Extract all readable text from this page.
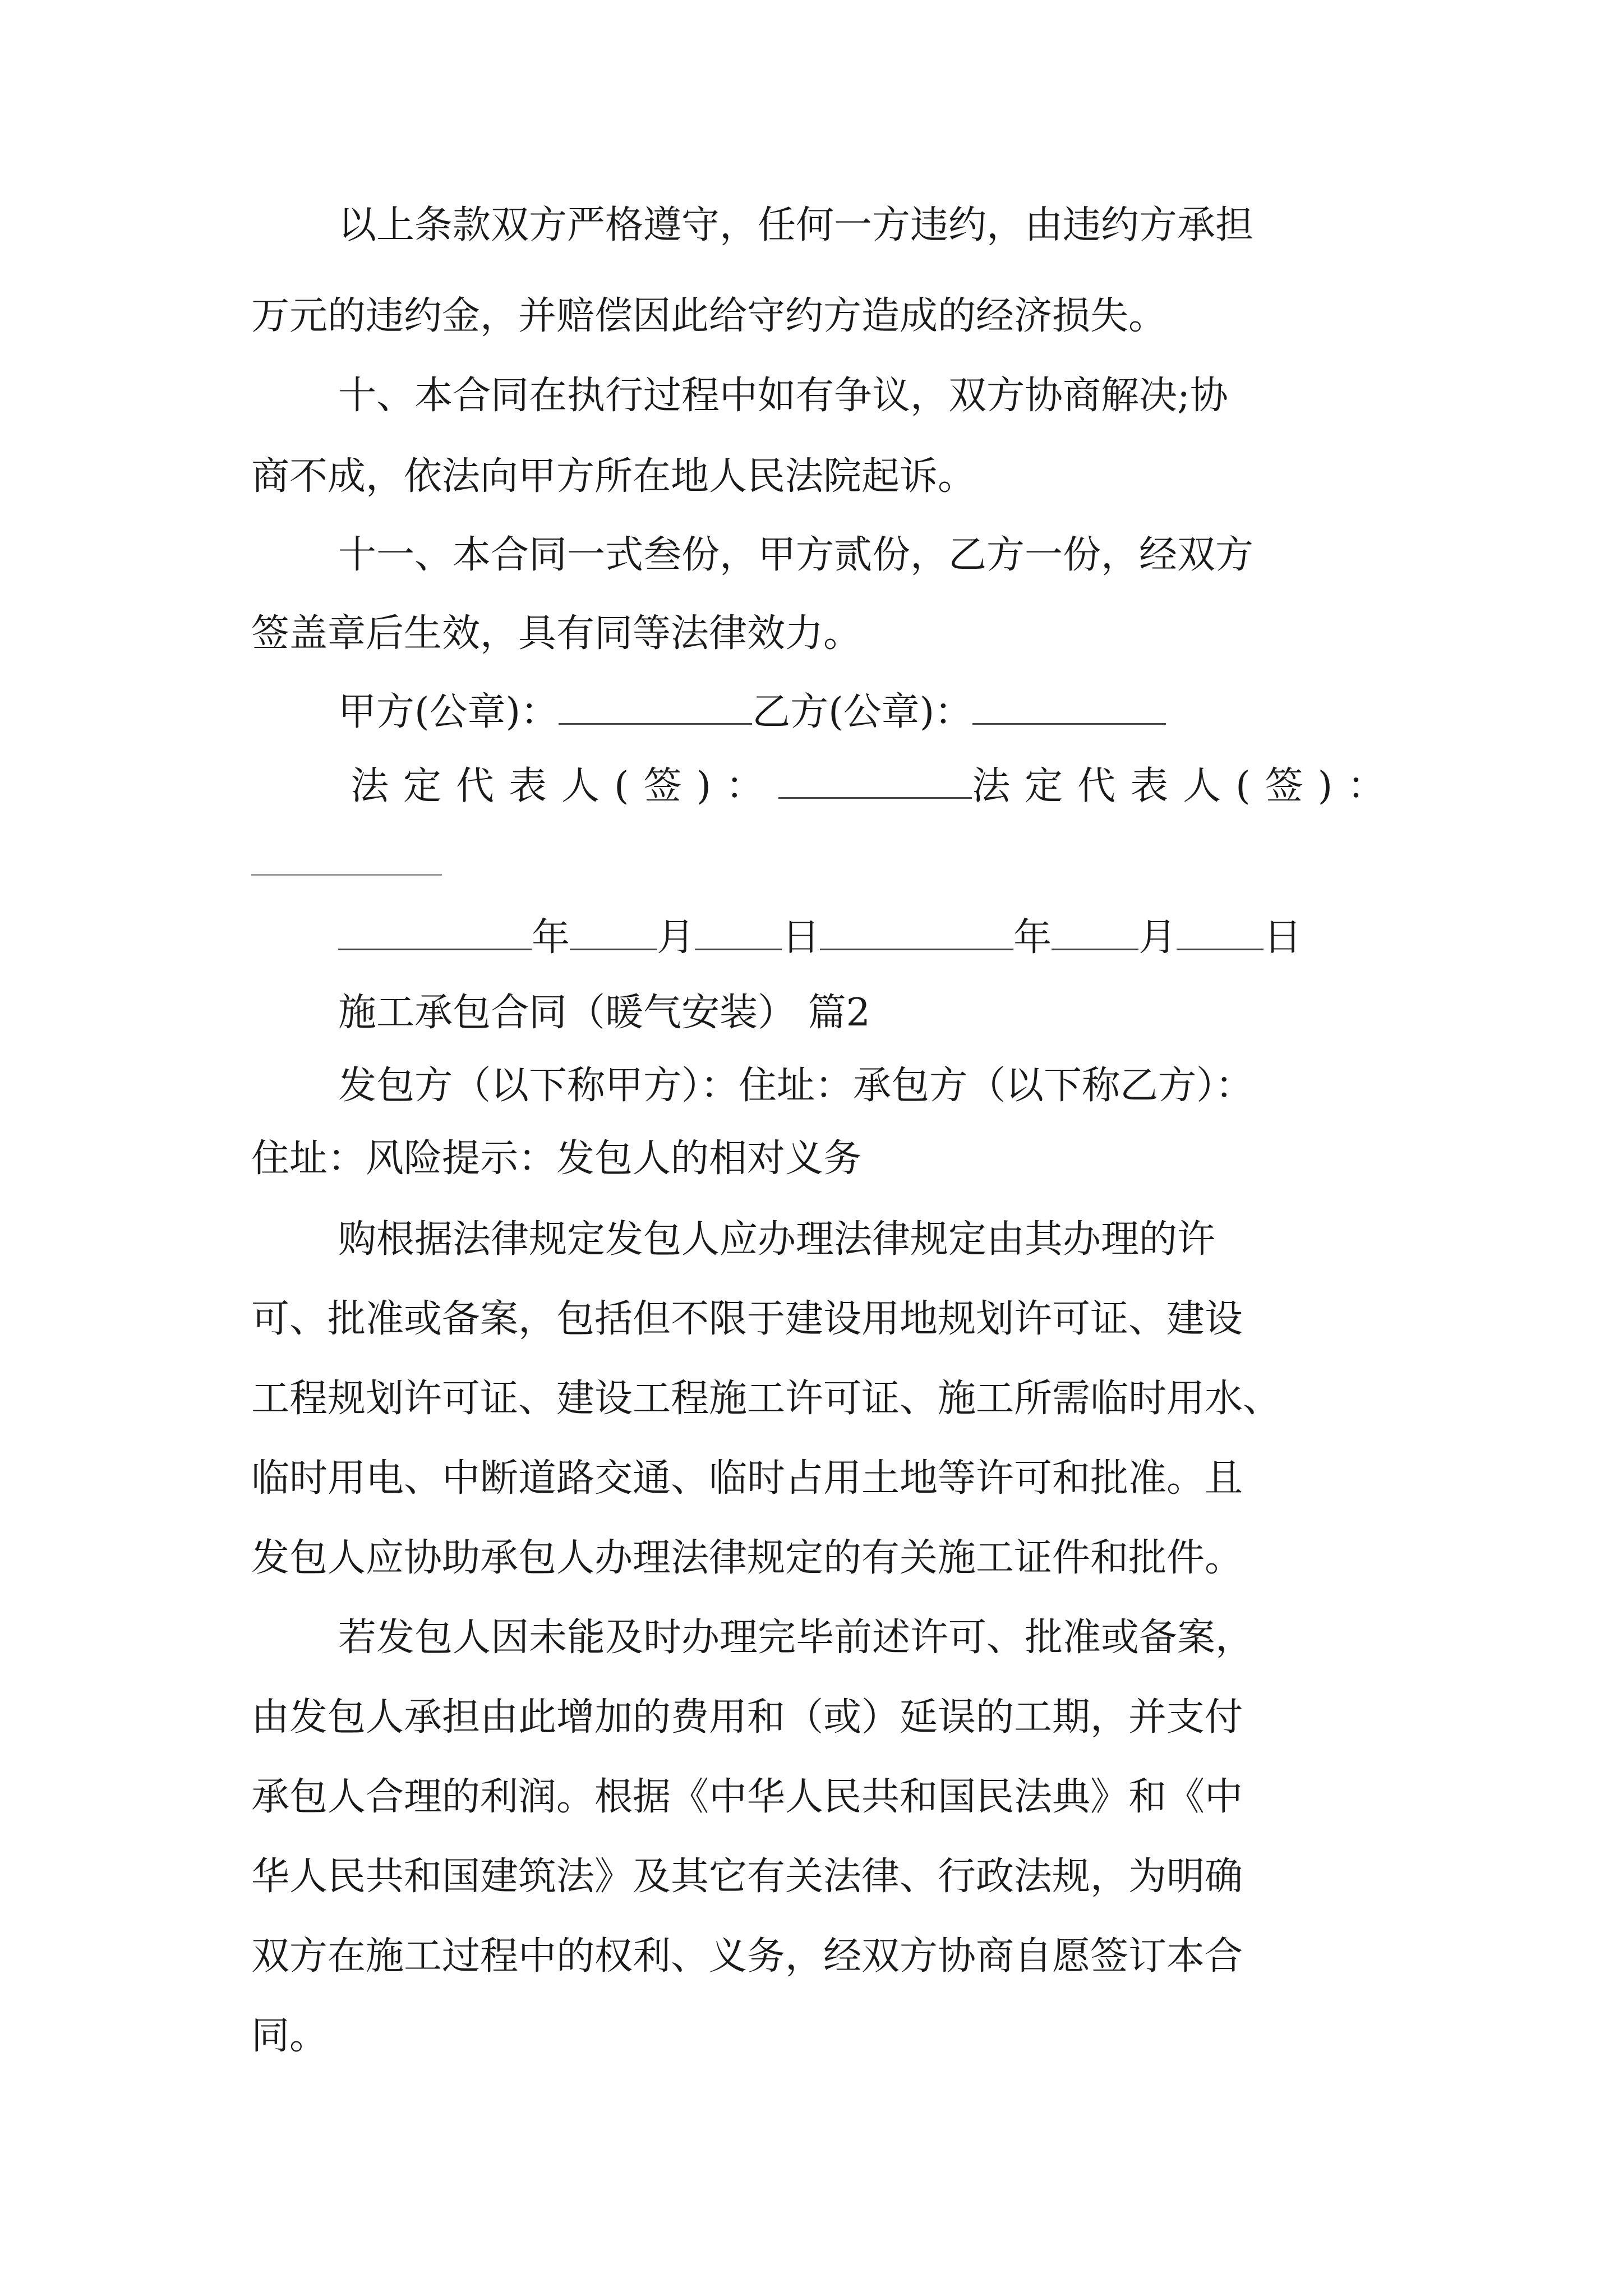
以上条款双方严格遵守，任何一方违约，由违约方承担
万元的违约金，并赔偿因此给守约方造成的经济损失。
十、本合同在执行过程中如有争议，双方协商解决;协
商不成，依法向甲方所在地人民法院起诉。
十一、本合同一式叁份，甲方贰份，乙方一份，经双方
签盖章后生效，具有同等法律效力。
甲方(公章)：	乙方(公章)：
法定代表人(签)：	法定代表人(签)：
年 月 日	年 月 日
施工承包合同（暖气安装） 篇2
发包方（以下称甲方）：住址：承包方（以下称乙方）：
住址：风险提示：发包人的相对义务
购根据法律规定发包人应办理法律规定由其办理的许
可、批准或备案，包括但不限于建设用地规划许可证、建设
工程规划许可证、建设工程施工许可证、施工所需临时用水、
临时用电、中断道路交通、临时占用土地等许可和批准。且
发包人应协助承包人办理法律规定的有关施工证件和批件。
若发包人因未能及时办理完毕前述许可、批准或备案，
由发包人承担由此增加的费用和（或）延误的工期，并支付
承包人合理的利润。根据《中华人民共和国民法典》和《中
华人民共和国建筑法》及其它有关法律、行政法规，为明确
双方在施工过程中的权利、义务，经双方协商自愿签订本合
同。
